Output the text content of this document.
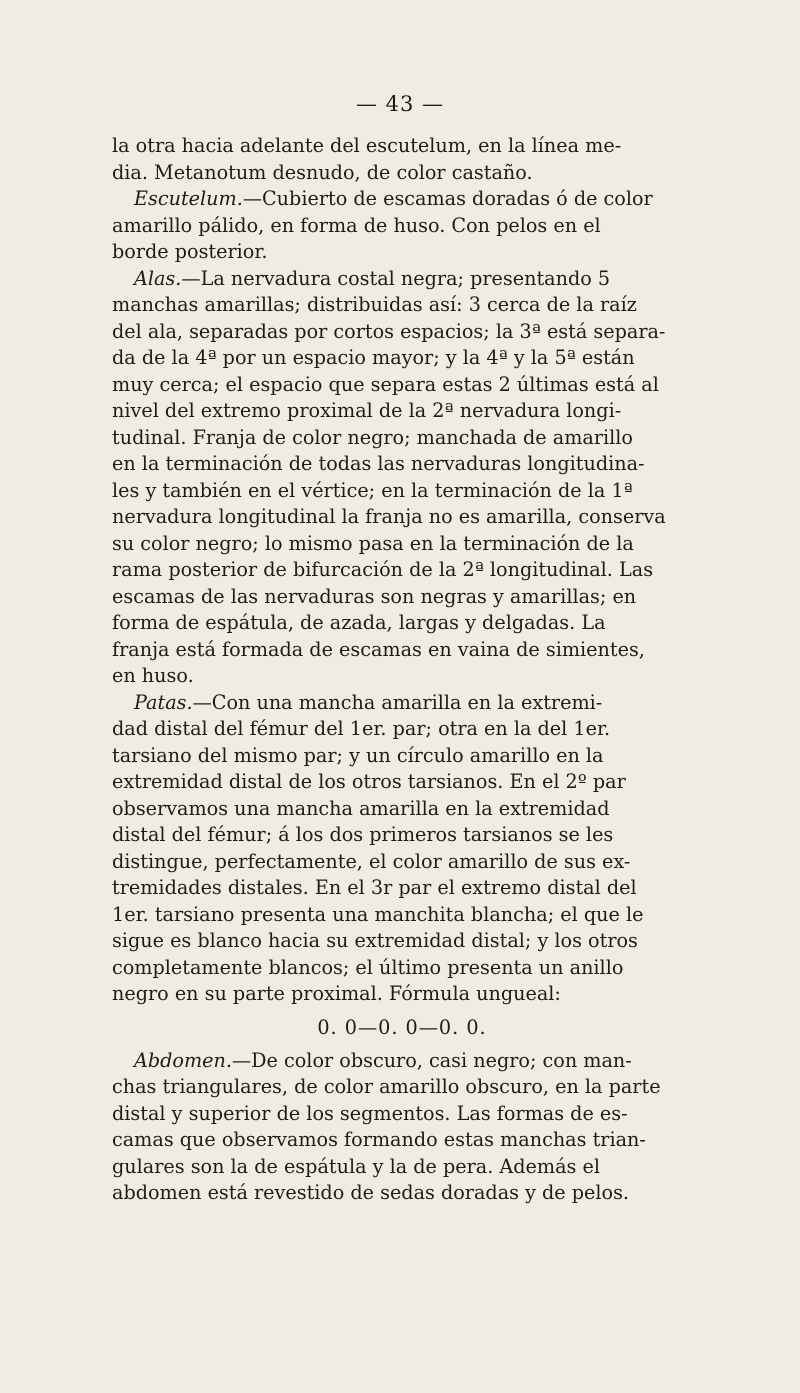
— 43 —
la otra hacia adelante del escutelum, en la línea me-
dia. Metanotum desnudo, de color castaño.
Escutelum.—Cubierto de escamas doradas ó de color
amarillo pálido, en forma de huso. Con pelos en el
borde posterior.
Alas.—La nervadura costal negra; presentando 5
manchas amarillas; distribuidas así: 3 cerca de la raíz
del ala, separadas por cortos espacios; la 3ª está separa-
da de la 4ª por un espacio mayor; y la 4ª y la 5ª están
muy cerca; el espacio que separa estas 2 últimas está al
nivel del extremo proximal de la 2ª nervadura longi-
tudinal. Franja de color negro; manchada de amarillo
en la terminación de todas las nervaduras longitudina-
les y también en el vértice; en la terminación de la 1ª
nervadura longitudinal la franja no es amarilla, conserva
su color negro; lo mismo pasa en la terminación de la
rama posterior de bifurcación de la 2ª longitudinal. Las
escamas de las nervaduras son negras y amarillas; en
forma de espátula, de azada, largas y delgadas. La
franja está formada de escamas en vaina de simientes,
en huso.
Patas.—Con una mancha amarilla en la extremi-
dad distal del fémur del 1er. par; otra en la del 1er.
tarsiano del mismo par; y un círculo amarillo en la
extremidad distal de los otros tarsianos. En el 2º par
observamos una mancha amarilla en la extremidad
distal del fémur; á los dos primeros tarsianos se les
distingue, perfectamente, el color amarillo de sus ex-
tremidades distales. En el 3r par el extremo distal del
1er. tarsiano presenta una manchita blancha; el que le
sigue es blanco hacia su extremidad distal; y los otros
completamente blancos; el último presenta un anillo
negro en su parte proximal. Fórmula ungueal:
0. 0—0. 0—0. 0.
Abdomen.—De color obscuro, casi negro; con man-
chas triangulares, de color amarillo obscuro, en la parte
distal y superior de los segmentos. Las formas de es-
camas que observamos formando estas manchas trian-
gulares son la de espátula y la de pera. Además el
abdomen está revestido de sedas doradas y de pelos.
